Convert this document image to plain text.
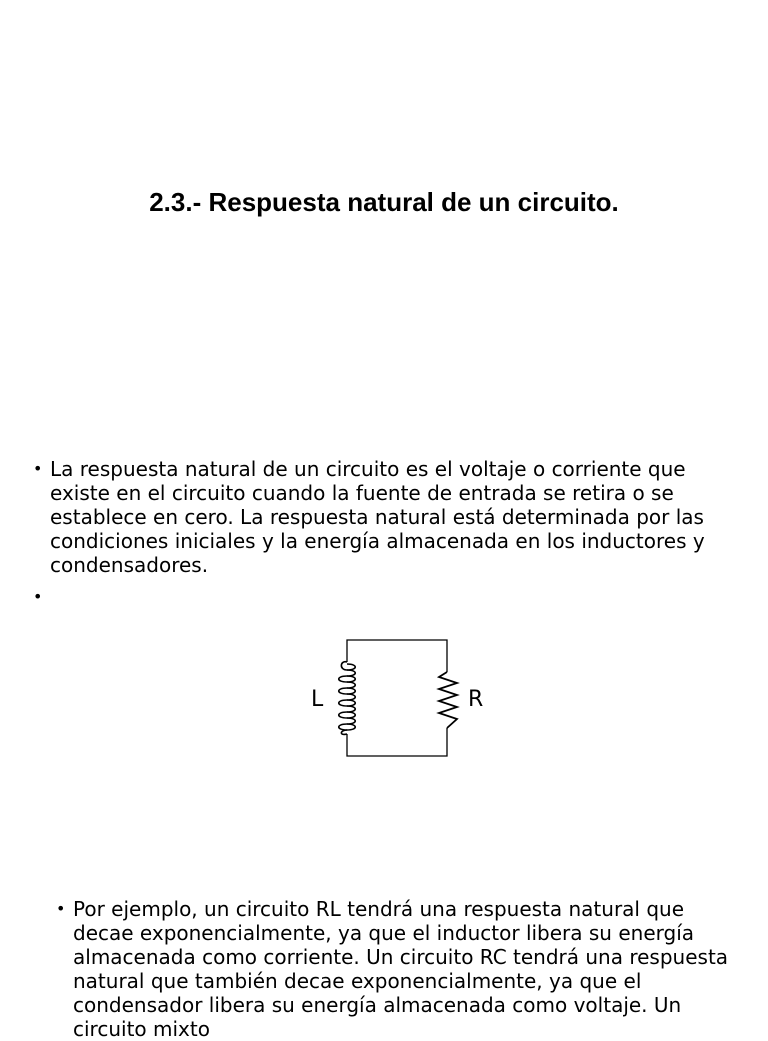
2.3.- Respuesta natural de un circuito.
• La respuesta natural de un circuito es el voltaje o corriente que existe en el circuito cuando la fuente de entrada se retira o se establece en cero. La respuesta natural está determinada por las condiciones iniciales y la energía almacenada en los inductores y condensadores.
•
L	R
• Por ejemplo, un circuito RL tendrá una respuesta natural que decae exponencialmente, ya que el inductor libera su energía almacenada como corriente. Un circuito RC tendrá una respuesta natural que también decae exponencialmente, ya que el condensador libera su energía almacenada como voltaje. Un circuito mixto
